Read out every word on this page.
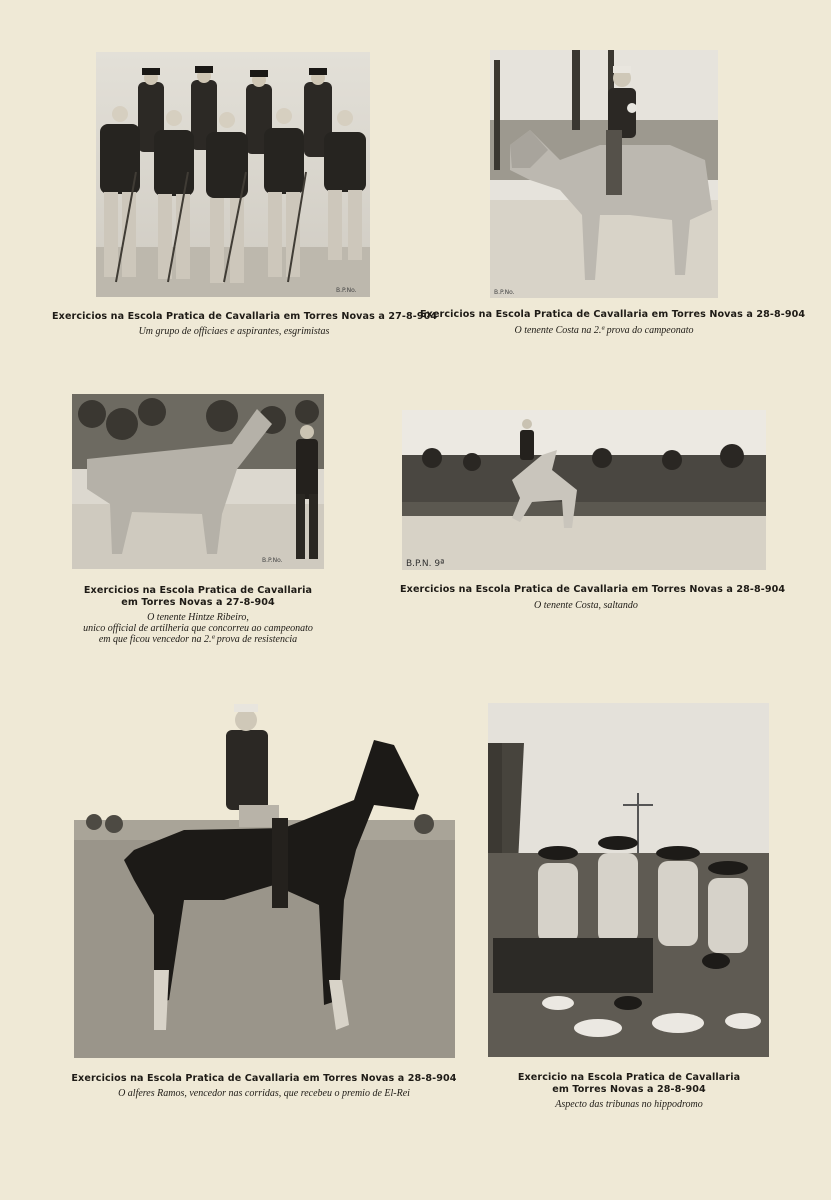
B.P.No.
Exercicios na Escola Pratica de Cavallaria em Torres Novas a 27-8-904
Um grupo de officiaes e aspirantes, esgrimistas
B.P.No.
Exercicios na Escola Pratica de Cavallaria em Torres Novas a 28-8-904
O tenente Costa na 2.ª prova do campeonato
B.P.No.
Exercicios na Escola Pratica de Cavallaria
em Torres Novas a 27-8-904
O tenente Hintze Ribeiro,
unico official de artilheria que concorreu ao campeonato
em que ficou vencedor na 2.ª prova de resistencia
B.P.N. 9ª
Exercicios na Escola Pratica de Cavallaria em Torres Novas a 28-8-904
O tenente Costa, saltando
Exercicios na Escola Pratica de Cavallaria em Torres Novas a 28-8-904
O alferes Ramos, vencedor nas corridas, que recebeu o premio de El-Rei
Exercicio na Escola Pratica de Cavallaria
em Torres Novas a 28-8-904
Aspecto das tribunas no hippodromo
